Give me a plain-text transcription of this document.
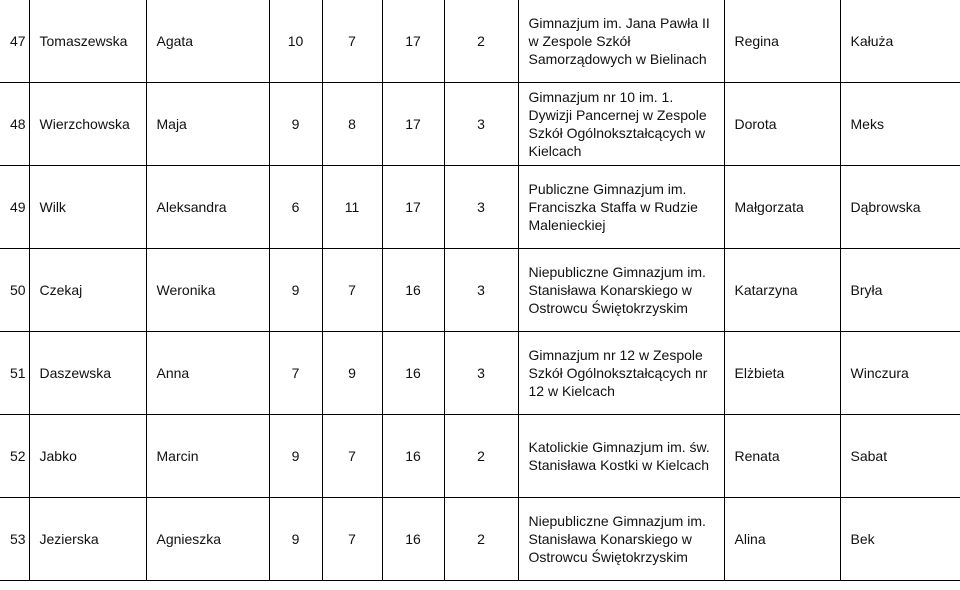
47	Tomaszewska	Agata	10	7	17	2	Gimnazjum im. Jana Pawła II w Zespole Szkół Samorządowych w Bielinach	Regina	Kałuża
48	Wierzchowska	Maja	9	8	17	3	Gimnazjum nr 10 im. 1. Dywizji Pancernej w Zespole Szkół Ogólnokształcących w Kielcach	Dorota	Meks
49	Wilk	Aleksandra	6	11	17	3	Publiczne Gimnazjum im. Franciszka Staffa w Rudzie Malenieckiej	Małgorzata	Dąbrowska
50	Czekaj	Weronika	9	7	16	3	Niepubliczne Gimnazjum im. Stanisława Konarskiego w Ostrowcu Świętokrzyskim	Katarzyna	Bryła
51	Daszewska	Anna	7	9	16	3	Gimnazjum nr 12 w Zespole Szkół Ogólnokształcących nr 12 w Kielcach	Elżbieta	Winczura
52	Jabko	Marcin	9	7	16	2	Katolickie Gimnazjum im. św. Stanisława Kostki w Kielcach	Renata	Sabat
53	Jezierska	Agnieszka	9	7	16	2	Niepubliczne Gimnazjum im. Stanisława Konarskiego w Ostrowcu Świętokrzyskim	Alina	Bek
